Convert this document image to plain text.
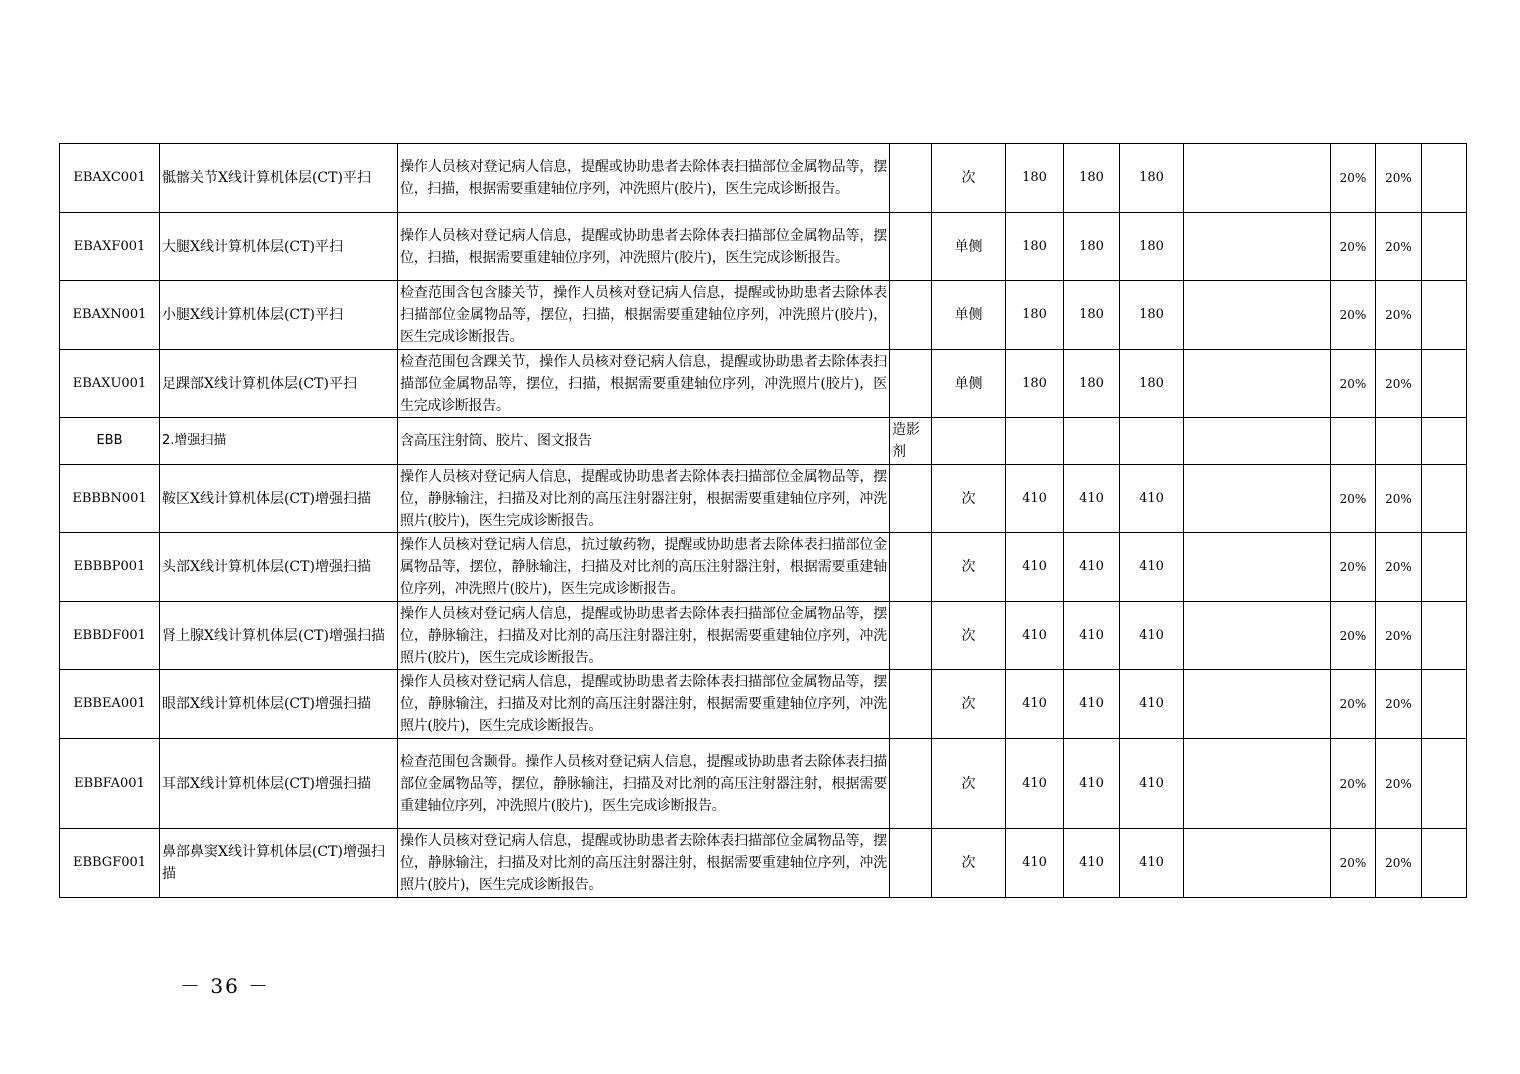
EBAXC001	骶髂关节X线计算机体层(CT)平扫	操作人员核对登记病人信息，提醒或协助患者去除体表扫描部位金属物品等，摆位，扫描，根据需要重建轴位序列，冲洗照片(胶片)，医生完成诊断报告。		次	180	180	180		20%	20%	
EBAXF001	大腿X线计算机体层(CT)平扫	操作人员核对登记病人信息，提醒或协助患者去除体表扫描部位金属物品等，摆位，扫描，根据需要重建轴位序列，冲洗照片(胶片)，医生完成诊断报告。		单侧	180	180	180		20%	20%	
EBAXN001	小腿X线计算机体层(CT)平扫	检查范围含包含膝关节，操作人员核对登记病人信息，提醒或协助患者去除体表扫描部位金属物品等，摆位，扫描，根据需要重建轴位序列，冲洗照片(胶片)，医生完成诊断报告。		单侧	180	180	180		20%	20%	
EBAXU001	足踝部X线计算机体层(CT)平扫	检查范围包含踝关节，操作人员核对登记病人信息，提醒或协助患者去除体表扫描部位金属物品等，摆位，扫描，根据需要重建轴位序列，冲洗照片(胶片)，医生完成诊断报告。		单侧	180	180	180		20%	20%	
EBB	2.增强扫描	含高压注射筒、胶片、图文报告	造影剂								
EBBBN001	鞍区X线计算机体层(CT)增强扫描	操作人员核对登记病人信息，提醒或协助患者去除体表扫描部位金属物品等，摆位，静脉输注，扫描及对比剂的高压注射器注射，根据需要重建轴位序列，冲洗照片(胶片)，医生完成诊断报告。		次	410	410	410		20%	20%	
EBBBP001	头部X线计算机体层(CT)增强扫描	操作人员核对登记病人信息，抗过敏药物，提醒或协助患者去除体表扫描部位金属物品等，摆位，静脉输注，扫描及对比剂的高压注射器注射，根据需要重建轴位序列，冲洗照片(胶片)，医生完成诊断报告。		次	410	410	410		20%	20%	
EBBDF001	肾上腺X线计算机体层(CT)增强扫描	操作人员核对登记病人信息，提醒或协助患者去除体表扫描部位金属物品等，摆位，静脉输注，扫描及对比剂的高压注射器注射，根据需要重建轴位序列，冲洗照片(胶片)，医生完成诊断报告。		次	410	410	410		20%	20%	
EBBEA001	眼部X线计算机体层(CT)增强扫描	操作人员核对登记病人信息，提醒或协助患者去除体表扫描部位金属物品等，摆位，静脉输注，扫描及对比剂的高压注射器注射，根据需要重建轴位序列，冲洗照片(胶片)，医生完成诊断报告。		次	410	410	410		20%	20%	
EBBFA001	耳部X线计算机体层(CT)增强扫描	检查范围包含颞骨。操作人员核对登记病人信息，提醒或协助患者去除体表扫描部位金属物品等，摆位，静脉输注，扫描及对比剂的高压注射器注射，根据需要重建轴位序列，冲洗照片(胶片)，医生完成诊断报告。		次	410	410	410		20%	20%	
EBBGF001	鼻部鼻窦X线计算机体层(CT)增强扫描	操作人员核对登记病人信息，提醒或协助患者去除体表扫描部位金属物品等，摆位，静脉输注，扫描及对比剂的高压注射器注射，根据需要重建轴位序列，冲洗照片(胶片)，医生完成诊断报告。		次	410	410	410		20%	20%	
－ 36 －
